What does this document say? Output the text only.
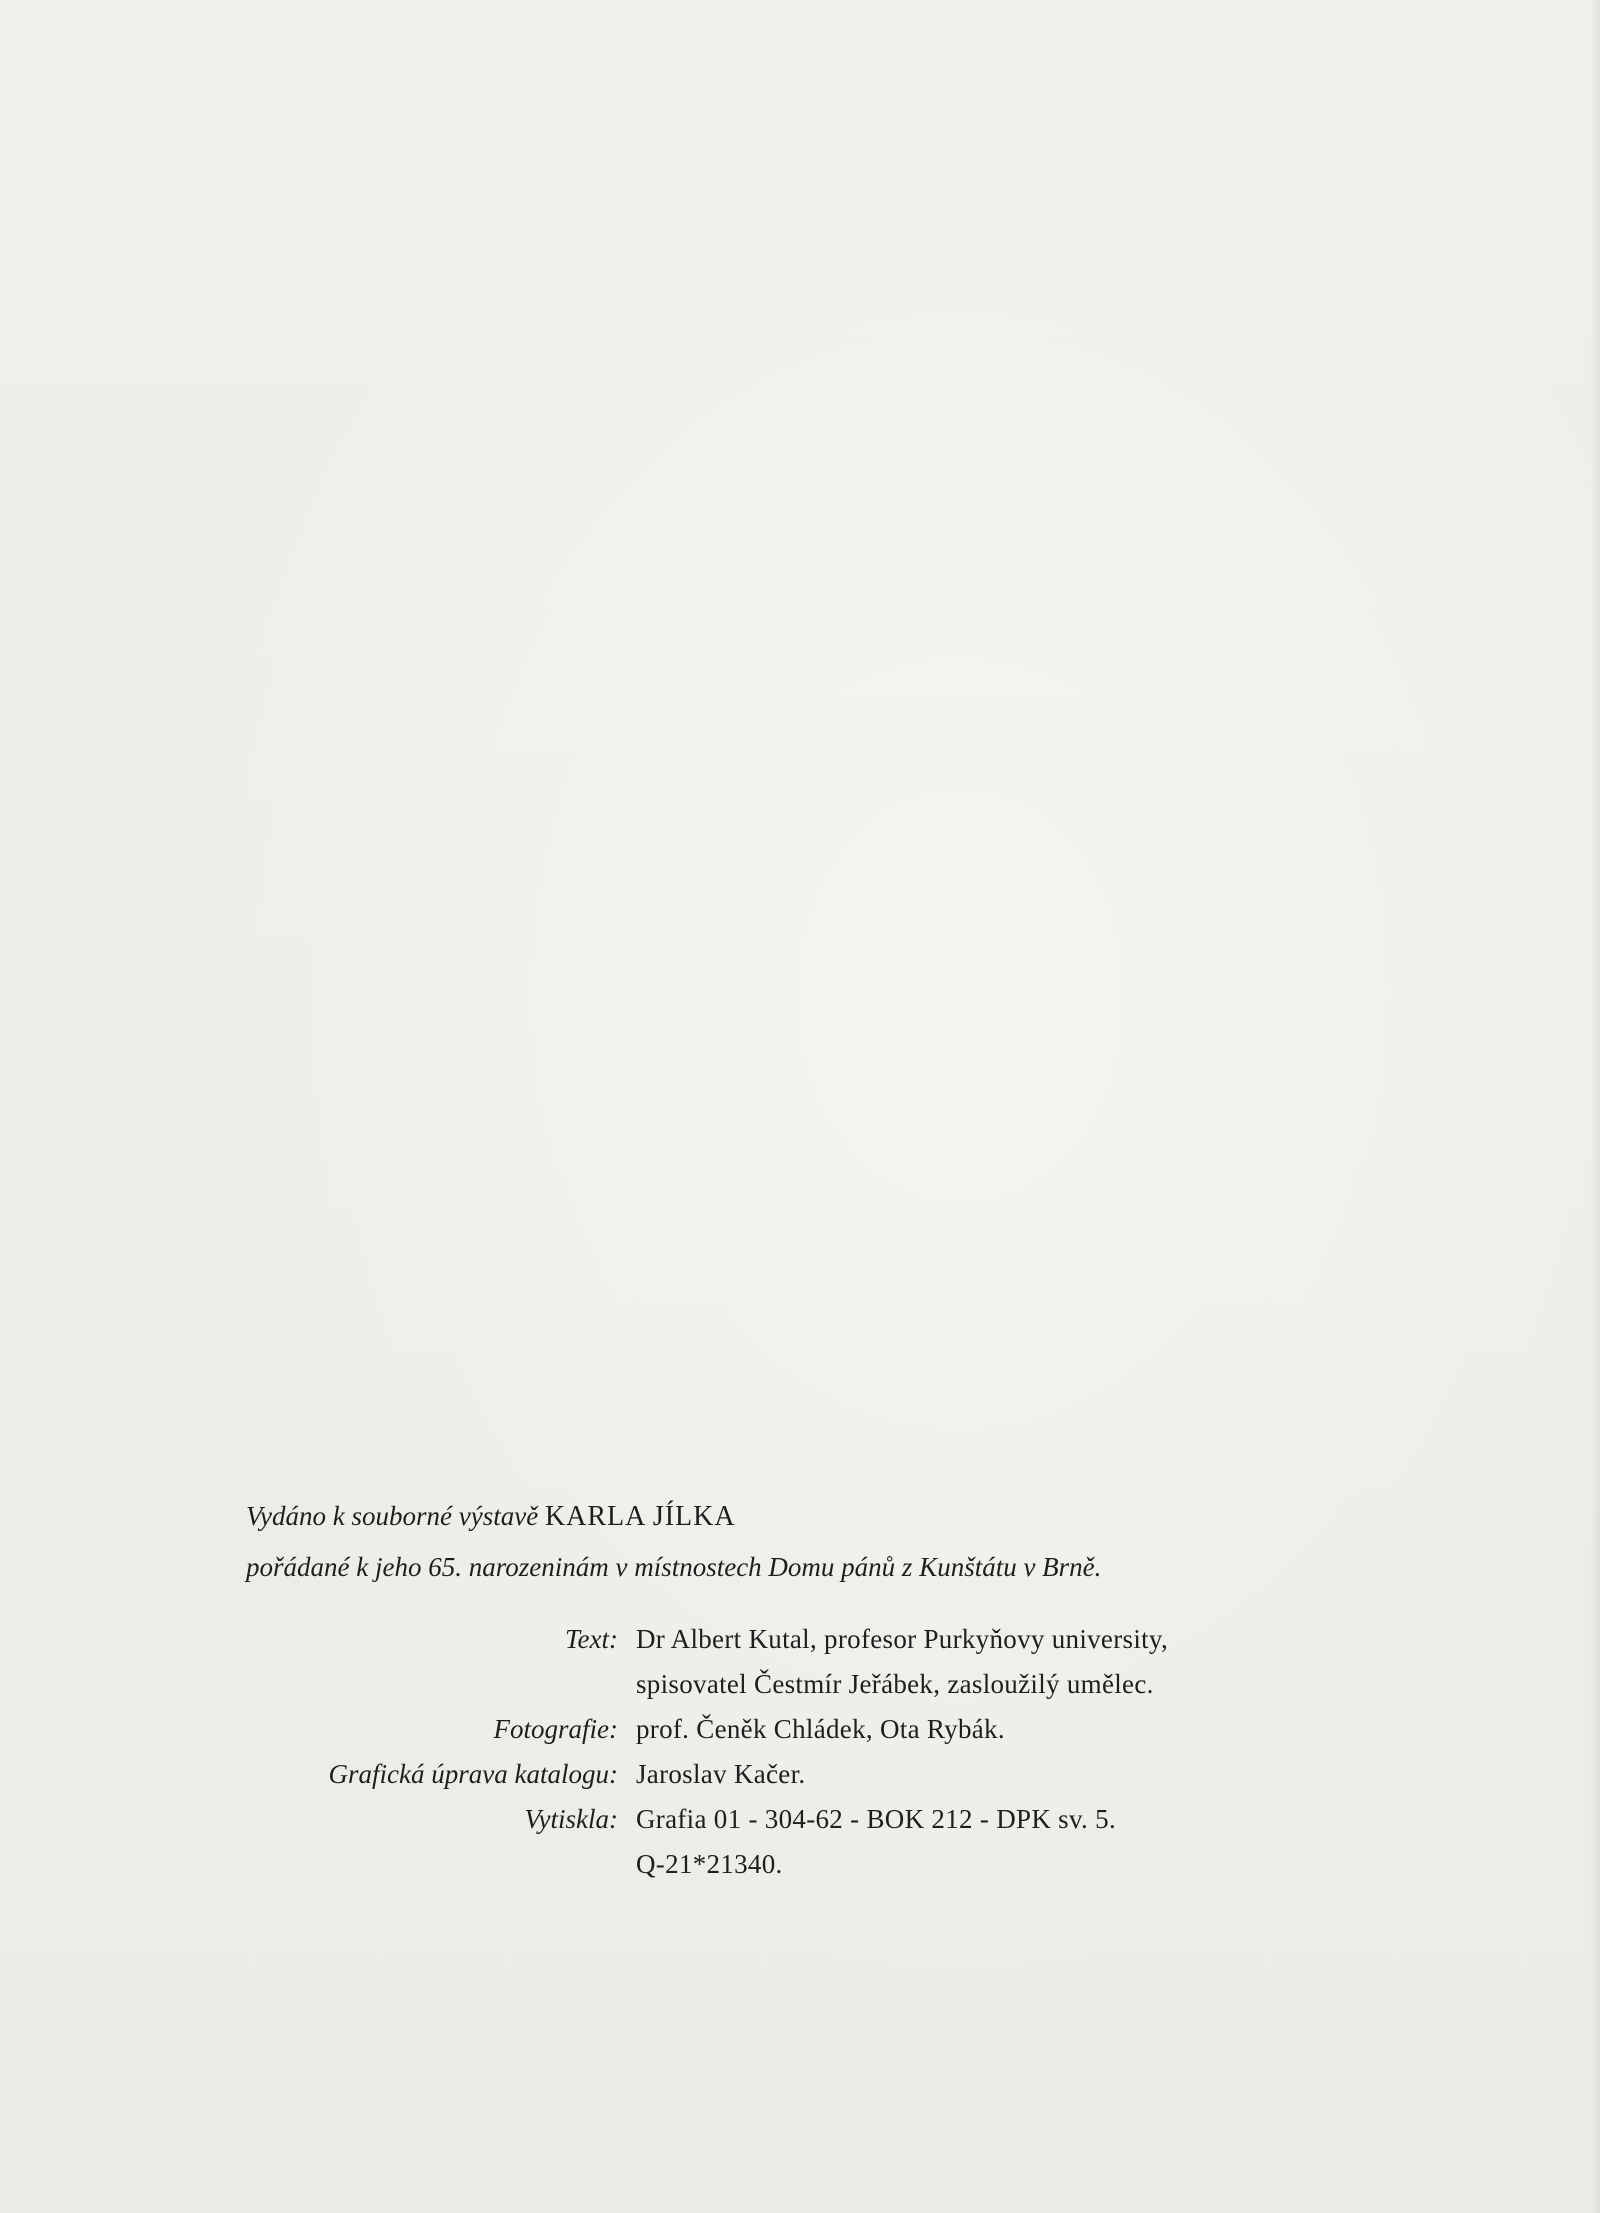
Vydáno k souborné výstavě KARLA JÍLKA

pořádané k jeho 65. narozeninám v místnostech Domu pánů z Kunštátu v Brně.

Text: Dr Albert Kutal, profesor Purkyňovy university,
spisovatel Čestmír Jeřábek, zasloužilý umělec.
Fotografie: prof. Čeněk Chládek, Ota Rybák.
Grafická úprava katalogu: Jaroslav Kačer.
Vytiskla: Grafia 01 - 304-62 - BOK 212 - DPK sv. 5.
Q-21*21340.
